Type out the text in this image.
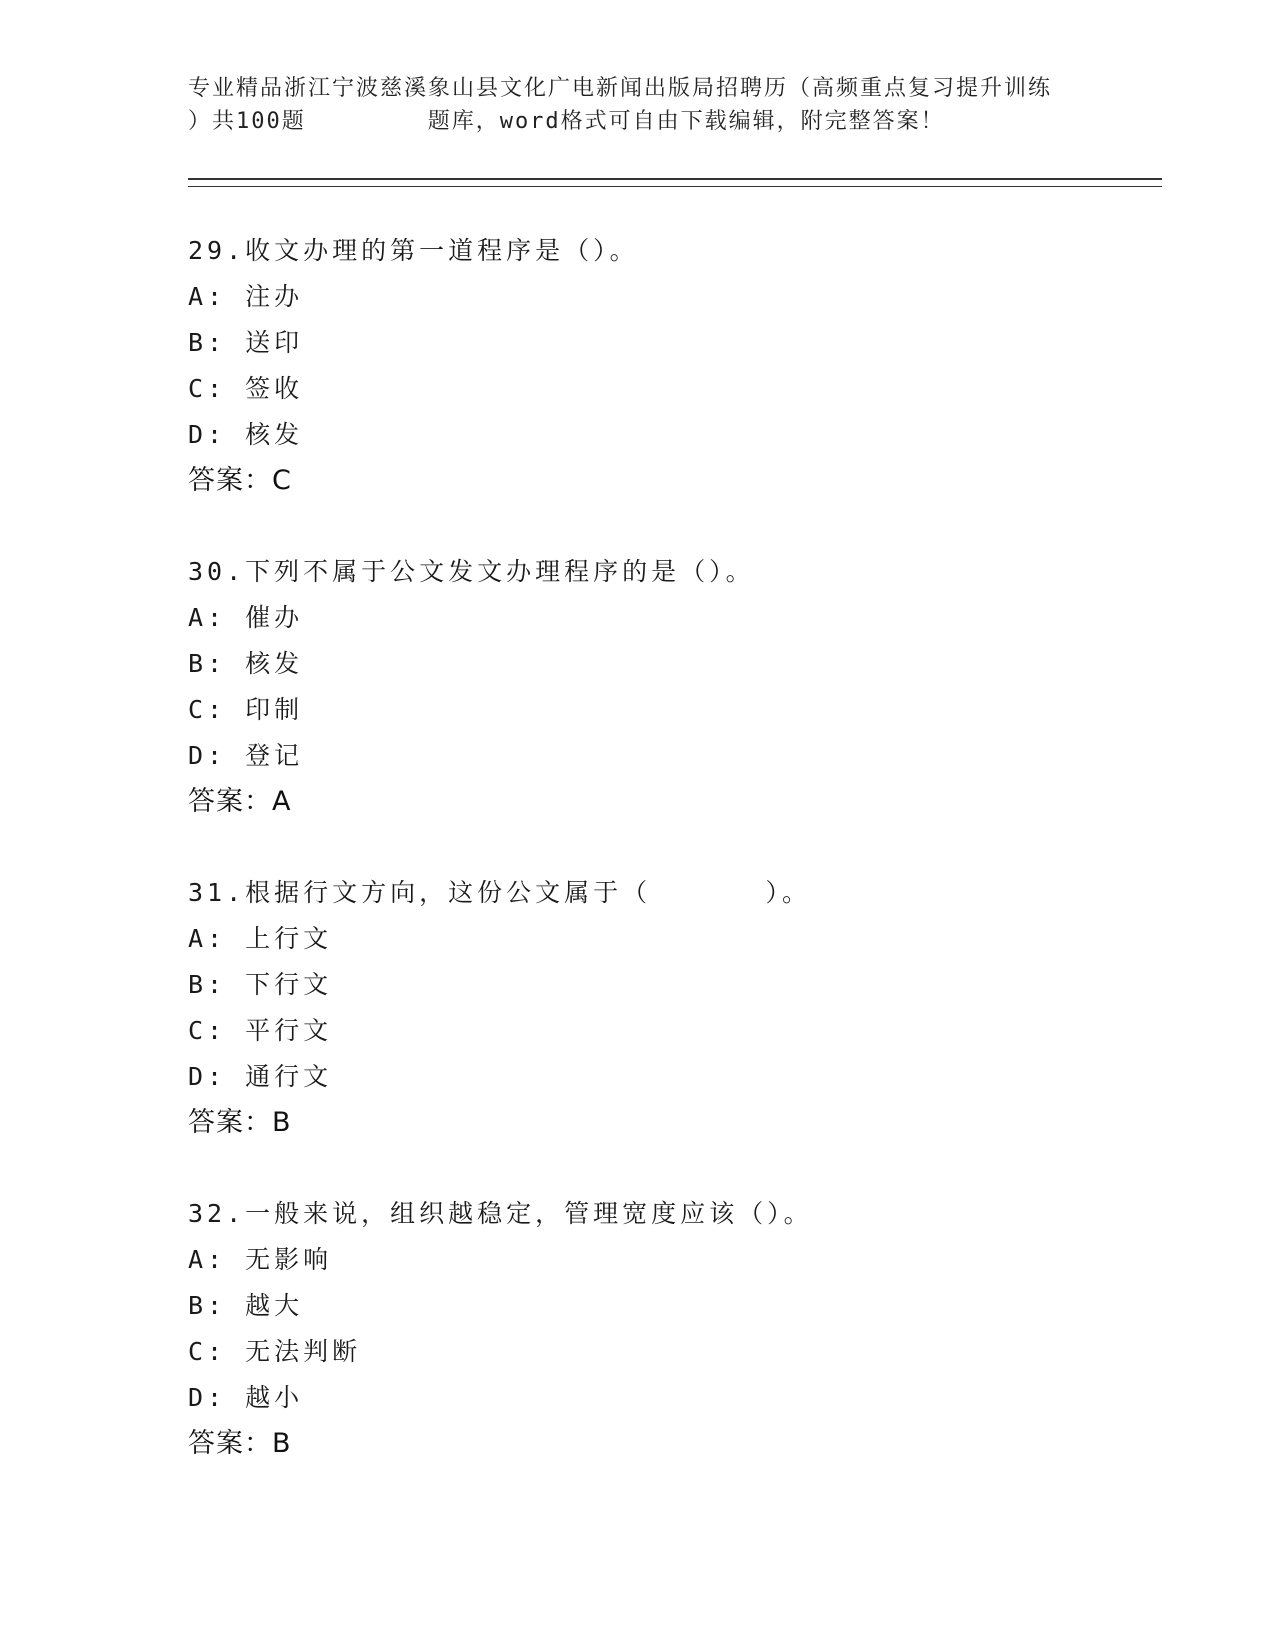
专业精品浙江宁波慈溪象山县文化广电新闻出版局招聘历（高频重点复习提升训练
）共100题        题库，word格式可自由下载编辑，附完整答案！
29.收文办理的第一道程序是（）。
A: 注办
B: 送印
C: 签收
D: 核发
答案：C
30.下列不属于公文发文办理程序的是（）。
A: 催办
B: 核发
C: 印制
D: 登记
答案：A
31.根据行文方向，这份公文属于（      ）。
A: 上行文
B: 下行文
C: 平行文
D: 通行文
答案：B
32.一般来说，组织越稳定，管理宽度应该（）。
A: 无影响
B: 越大
C: 无法判断
D: 越小
答案：B
